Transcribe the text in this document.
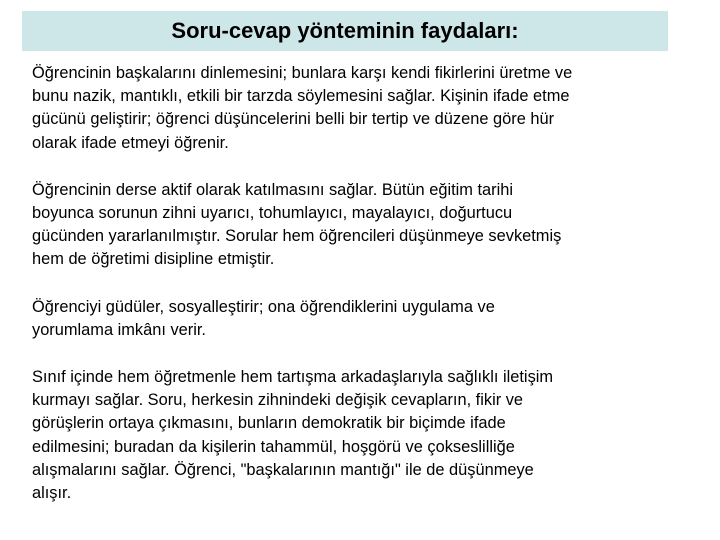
Soru-cevap yönteminin faydaları:

Öğrencinin başkalarını dinlemesini; bunlara karşı kendi fikirlerini üretme ve
bunu nazik, mantıklı, etkili bir tarzda söylemesini sağlar. Kişinin ifade etme
gücünü geliştirir; öğrenci düşüncelerini belli bir tertip ve düzene göre hür
olarak ifade etmeyi öğrenir.

Öğrencinin derse aktif olarak katılmasını sağlar. Bütün eğitim tarihi
boyunca sorunun zihni uyarıcı, tohumlayıcı, mayalayıcı, doğurtucu
gücünden yararlanılmıştır. Sorular hem öğrencileri düşünmeye sevketmiş
hem de öğretimi disipline etmiştir.

Öğrenciyi güdüler, sosyalleştirir; ona öğrendiklerini uygulama ve
yorumlama imkânı verir.

Sınıf içinde hem öğretmenle hem tartışma arkadaşlarıyla sağlıklı iletişim
kurmayı sağlar. Soru, herkesin zihnindeki değişik cevapların, fikir ve
görüşlerin ortaya çıkmasını, bunların demokratik bir biçimde ifade
edilmesini; buradan da kişilerin tahammül, hoşgörü ve çokseslilliğe
alışmalarını sağlar. Öğrenci, "başkalarının mantığı" ile de düşünmeye
alışır.
